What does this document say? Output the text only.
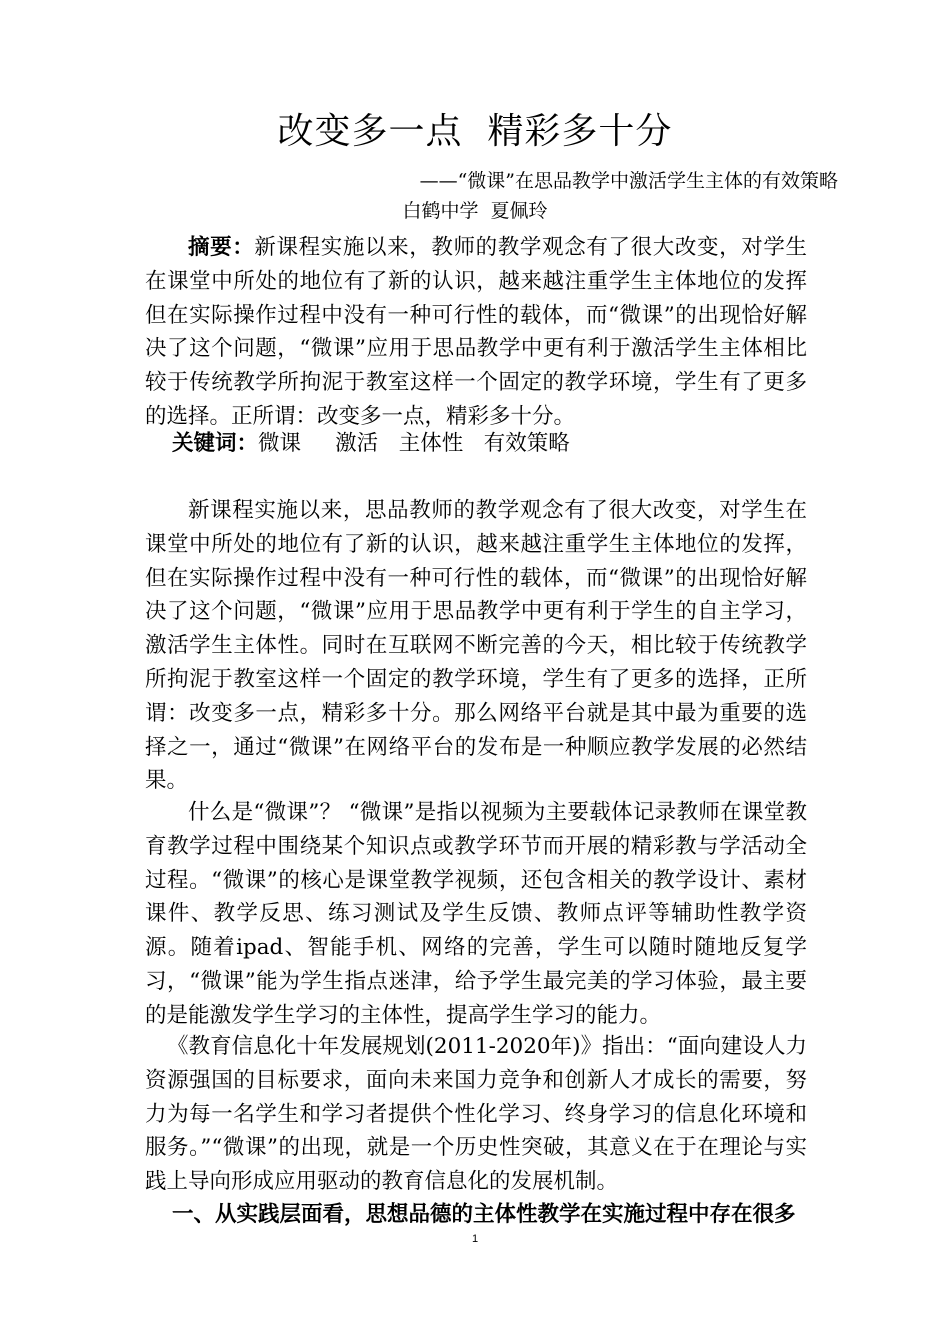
改变多一点  精彩多十分
——“微课”在思品教学中激活学生主体的有效策略
白鹤中学  夏佩玲
摘要：新课程实施以来，教师的教学观念有了很大改变，对学生在课堂中所处的地位有了新的认识，越来越注重学生主体地位的发挥但在实际操作过程中没有一种可行性的载体，而“微课”的出现恰好解决了这个问题，“微课”应用于思品教学中更有利于激活学生主体相比较于传统教学所拘泥于教室这样一个固定的教学环境，学生有了更多的选择。正所谓：改变多一点，精彩多十分。
关键词：微课     激活   主体性   有效策略
新课程实施以来，思品教师的教学观念有了很大改变，对学生在课堂中所处的地位有了新的认识，越来越注重学生主体地位的发挥，但在实际操作过程中没有一种可行性的载体，而“微课”的出现恰好解决了这个问题，“微课”应用于思品教学中更有利于学生的自主学习，激活学生主体性。同时在互联网不断完善的今天，相比较于传统教学所拘泥于教室这样一个固定的教学环境，学生有了更多的选择，正所谓：改变多一点，精彩多十分。那么网络平台就是其中最为重要的选择之一，通过“微课”在网络平台的发布是一种顺应教学发展的必然结果。
什么是“微课”？ “微课”是指以视频为主要载体记录教师在课堂教育教学过程中围绕某个知识点或教学环节而开展的精彩教与学活动全过程。“微课”的核心是课堂教学视频，还包含相关的教学设计、素材课件、教学反思、练习测试及学生反馈、教师点评等辅助性教学资源。随着ipad、智能手机、网络的完善，学生可以随时随地反复学习，“微课”能为学生指点迷津，给予学生最完美的学习体验，最主要的是能激发学生学习的主体性，提高学生学习的能力。
《教育信息化十年发展规划(2011-2020年)》指出：“面向建设人力资源强国的目标要求，面向未来国力竞争和创新人才成长的需要，努力为每一名学生和学习者提供个性化学习、终身学习的信息化环境和服务。”“微课”的出现，就是一个历史性突破，其意义在于在理论与实践上导向形成应用驱动的教育信息化的发展机制。
一、从实践层面看，思想品德的主体性教学在实施过程中存在很多
1
